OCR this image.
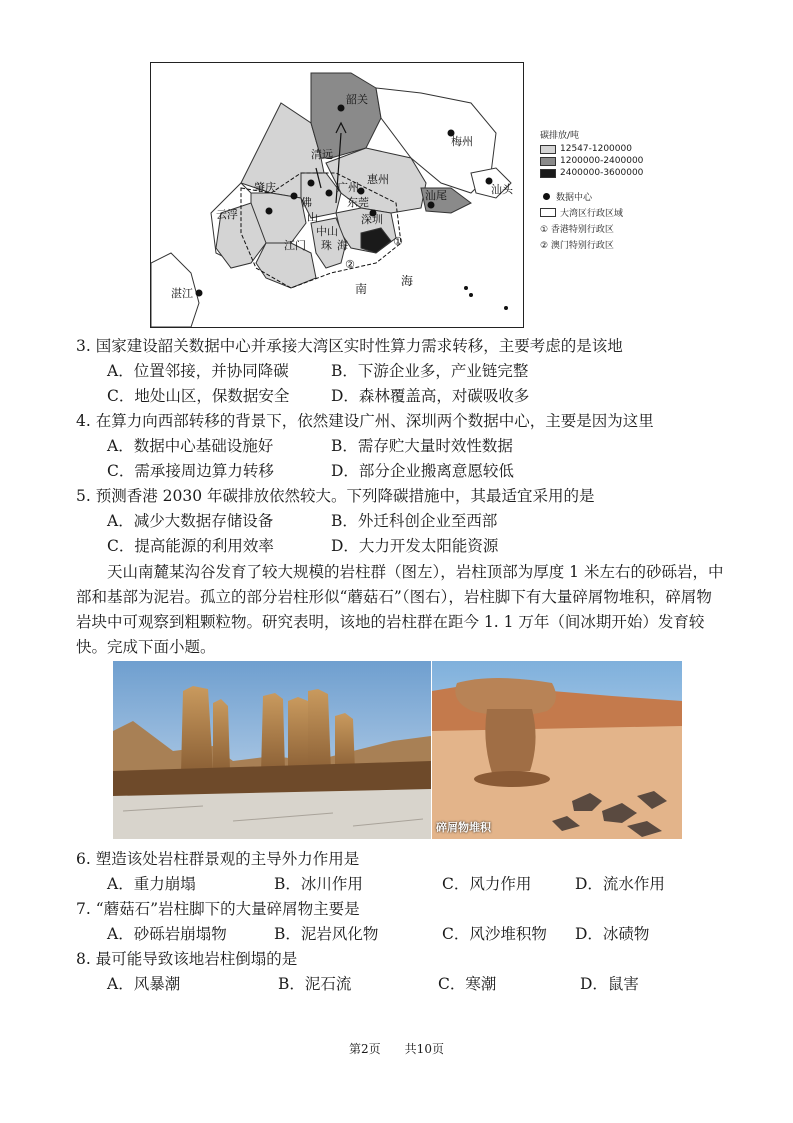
韶关
梅州
清远
惠州
肇庆	广州
佛
山
东莞
云浮	深圳
汕尾	汕头
中山
江门 珠 海
湛江
①
②
南
海
碳排放/吨
12547-1200000
1200000-2400000
2400000-3600000
数据中心
大湾区行政区域
① 香港特别行政区
② 澳门特别行政区
3. 国家建设韶关数据中心并承接大湾区实时性算力需求转移，主要考虑的是该地
A．位置邻接，并协同降碳	B．下游企业多，产业链完整
C．地处山区，保数据安全	D．森林覆盖高，对碳吸收多
4. 在算力向西部转移的背景下，依然建设广州、深圳两个数据中心，主要是因为这里
A．数据中心基础设施好	B．需存贮大量时效性数据
C．需承接周边算力转移	D．部分企业搬离意愿较低
5. 预测香港 2030 年碳排放依然较大。下列降碳措施中，其最适宜采用的是
A．减少大数据存储设备	B．外迁科创企业至西部
C．提高能源的利用效率	D．大力开发太阳能资源
天山南麓某沟谷发育了较大规模的岩柱群（图左），岩柱顶部为厚度 1 米左右的砂砾岩，中部和基部为泥岩。孤立的部分岩柱形似“蘑菇石”（图右），岩柱脚下有大量碎屑物堆积，碎屑物岩块中可观察到粗颗粒物。研究表明，该地的岩柱群在距今 1. 1 万年（间冰期开始）发育较快。完成下面小题。
碎屑物堆积
6. 塑造该处岩柱群景观的主导外力作用是
A．重力崩塌	B．冰川作用	C．风力作用	D．流水作用
7. “蘑菇石”岩柱脚下的大量碎屑物主要是
A．砂砾岩崩塌物	B．泥岩风化物	C．风沙堆积物 D．冰碛物
8. 最可能导致该地岩柱倒塌的是
A．风暴潮	B．泥石流	C．寒潮	D．鼠害
第2页　　共10页
